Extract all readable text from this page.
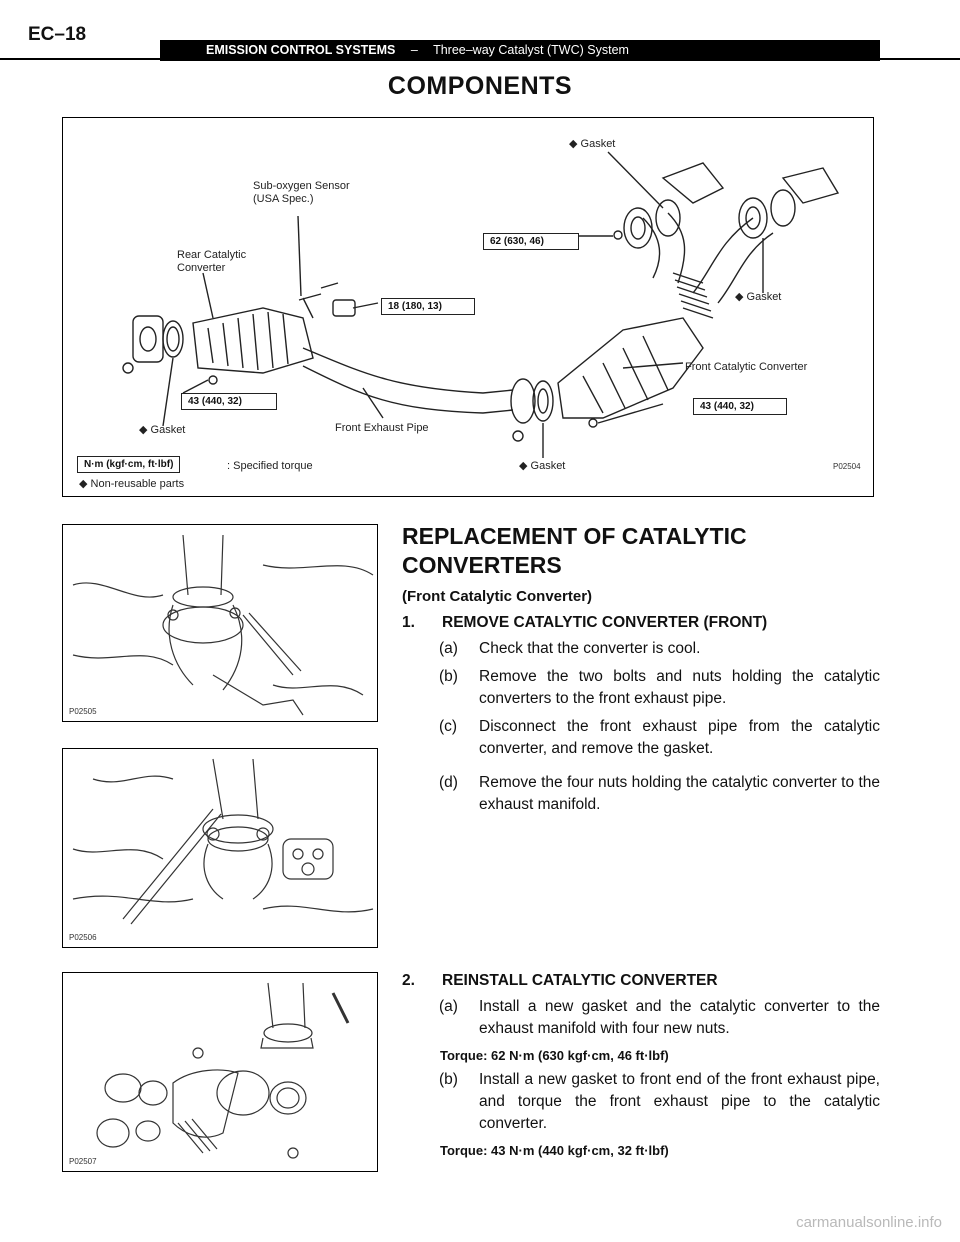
EC–18
EMISSION CONTROL SYSTEMS – Three–way Catalyst (TWC) System
COMPONENTS
◆ Gasket
Sub-oxygen Sensor
(USA Spec.)
Rear Catalytic
Converter
◆ Gasket
Front Catalytic Converter
◆ Gasket	Front Exhaust Pipe
◆ Gasket
62 (630, 46)
18 (180, 13)
43 (440, 32)	43 (440, 32)
N·m (kgf·cm, ft·lbf)	: Specified torque
◆ Non-reusable parts
P02504
P02505
P02506
P02507
REPLACEMENT OF CATALYTIC
CONVERTERS
(Front Catalytic Converter)
1.	REMOVE CATALYTIC CONVERTER (FRONT)
(a)	Check that the converter is cool.
(b)	Remove the two bolts and nuts holding the catalytic converters to the front exhaust pipe.
(c)	Disconnect the front exhaust pipe from the catalytic converter, and remove the gasket.
(d)	Remove the four nuts holding the catalytic converter to the exhaust manifold.
2.	REINSTALL CATALYTIC CONVERTER
(a)	Install a new gasket and the catalytic converter to the exhaust manifold with four new nuts.
Torque: 62 N·m (630 kgf·cm, 46 ft·lbf)
(b)	Install a new gasket to front end of the front exhaust pipe, and torque the front exhaust pipe to the catalytic converter.
Torque: 43 N·m (440 kgf·cm, 32 ft·lbf)
carmanualsonline.info
